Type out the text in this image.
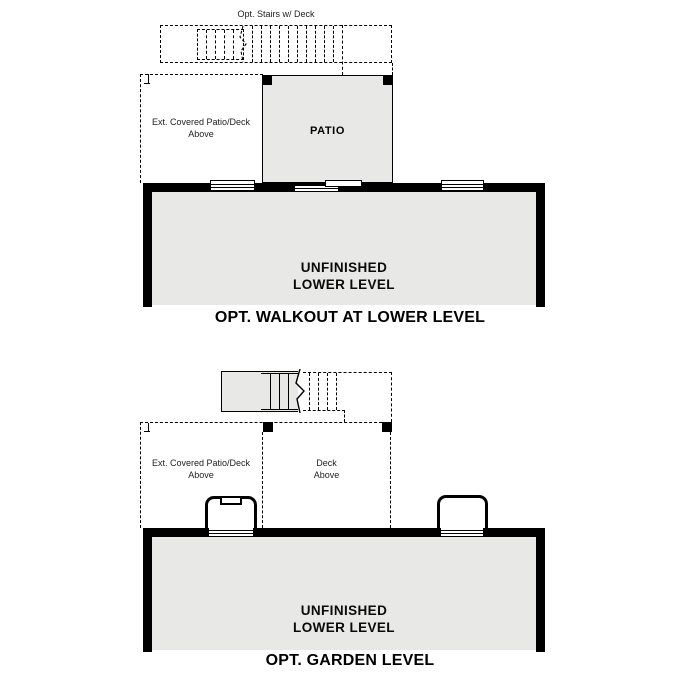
Opt. Stairs w/ Deck
Ext. Covered Patio/Deck
Above	PATIO
UNFINISHED
LOWER LEVEL
OPT. WALKOUT AT LOWER LEVEL
Ext. Covered Patio/Deck
Above
Deck
Above
UNFINISHED
LOWER LEVEL
OPT. GARDEN LEVEL
